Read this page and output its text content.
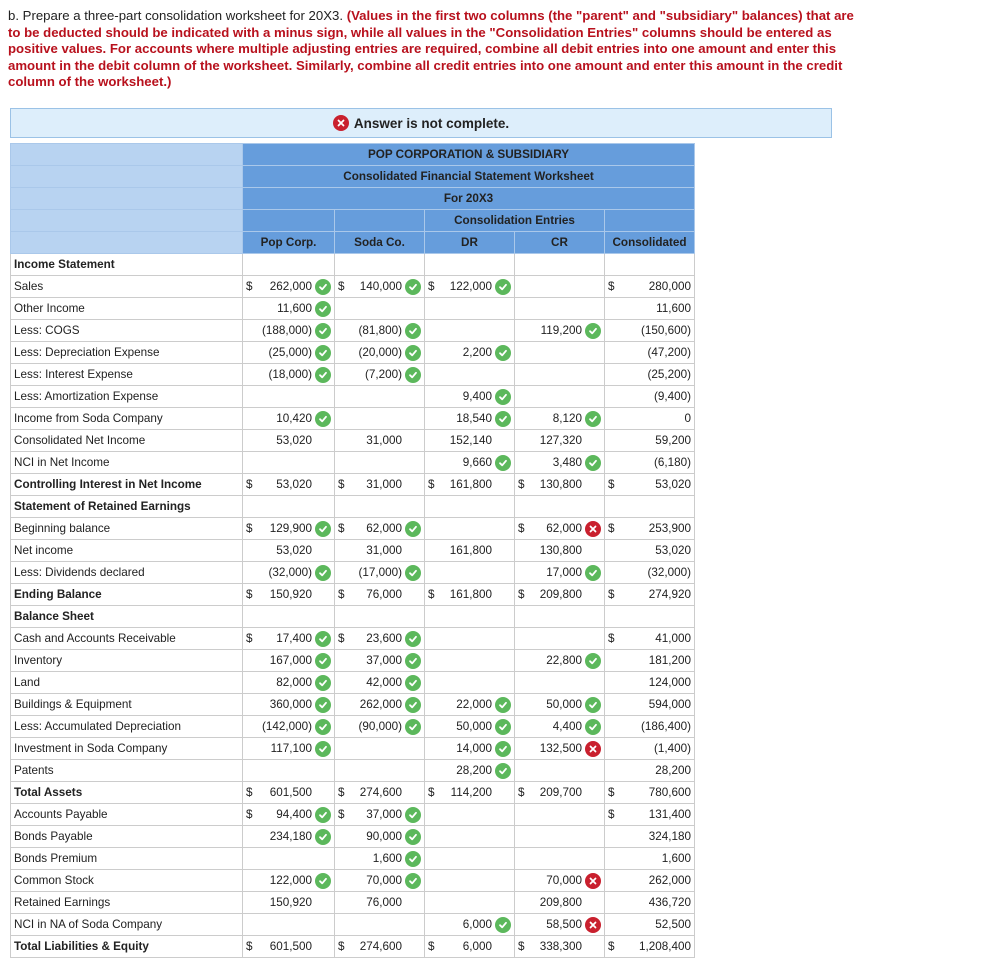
b. Prepare a three-part consolidation worksheet for 20X3. (Values in the first two columns (the "parent" and "subsidiary" balances) that are to be deducted should be indicated with a minus sign, while all values in the "Consolidation Entries" columns should be entered as positive values. For accounts where multiple adjusting entries are required, combine all debit entries into one amount and enter this amount in the debit column of the worksheet. Similarly, combine all credit entries into one amount and enter this amount in the credit column of the worksheet.)
Answer is not complete.
	POP CORPORATION & SUBSIDIARY				
	Consolidated Financial Statement Worksheet				
	For 20X3				
			Consolidation Entries		
	Pop Corp.	Soda Co.	DR	CR	Consolidated
Income Statement					
Sales	$ 262,000	$ 140,000	$ 122,000		$ 280,000

Other Income	11,600				11,600

Less: COGS	(188,000)	(81,800)		119,200	(150,600)

Less: Depreciation Expense	(25,000)	(20,000)	2,200		(47,200)

Less: Interest Expense	(18,000)	(7,200)			(25,200)

Less: Amortization Expense			9,400		(9,400)

Income from Soda Company	10,420		18,540	8,120	0

Consolidated Net Income	53,020	31,000	152,140	127,320	59,200

NCI in Net Income			9,660	3,480	(6,180)

Controlling Interest in Net Income	$ 53,020	$ 31,000	$ 161,800	$ 130,800	$ 53,020

Statement of Retained Earnings					
Beginning balance	$ 129,900	$ 62,000		$ 62,000	$ 253,900

Net income	53,020	31,000	161,800	130,800	53,020

Less: Dividends declared	(32,000)	(17,000)		17,000	(32,000)

Ending Balance	$ 150,920	$ 76,000	$ 161,800	$ 209,800	$ 274,920

Balance Sheet					
Cash and Accounts Receivable	$ 17,400	$ 23,600			$ 41,000

Inventory	167,000	37,000		22,800	181,200

Land	82,000	42,000			124,000

Buildings & Equipment	360,000	262,000	22,000	50,000	594,000

Less: Accumulated Depreciation	(142,000)	(90,000)	50,000	4,400	(186,400)

Investment in Soda Company	117,100		14,000	132,500	(1,400)

Patents			28,200		28,200

Total Assets	$ 601,500	$ 274,600	$ 114,200	$ 209,700	$ 780,600

Accounts Payable	$ 94,400	$ 37,000			$ 131,400

Bonds Payable	234,180	90,000			324,180

Bonds Premium		1,600			1,600

Common Stock	122,000	70,000		70,000	262,000

Retained Earnings	150,920	76,000		209,800	436,720

NCI in NA of Soda Company			6,000	58,500	52,500

Total Liabilities & Equity	$ 601,500	$ 274,600	$ 6,000	$ 338,300	$ 1,208,400
